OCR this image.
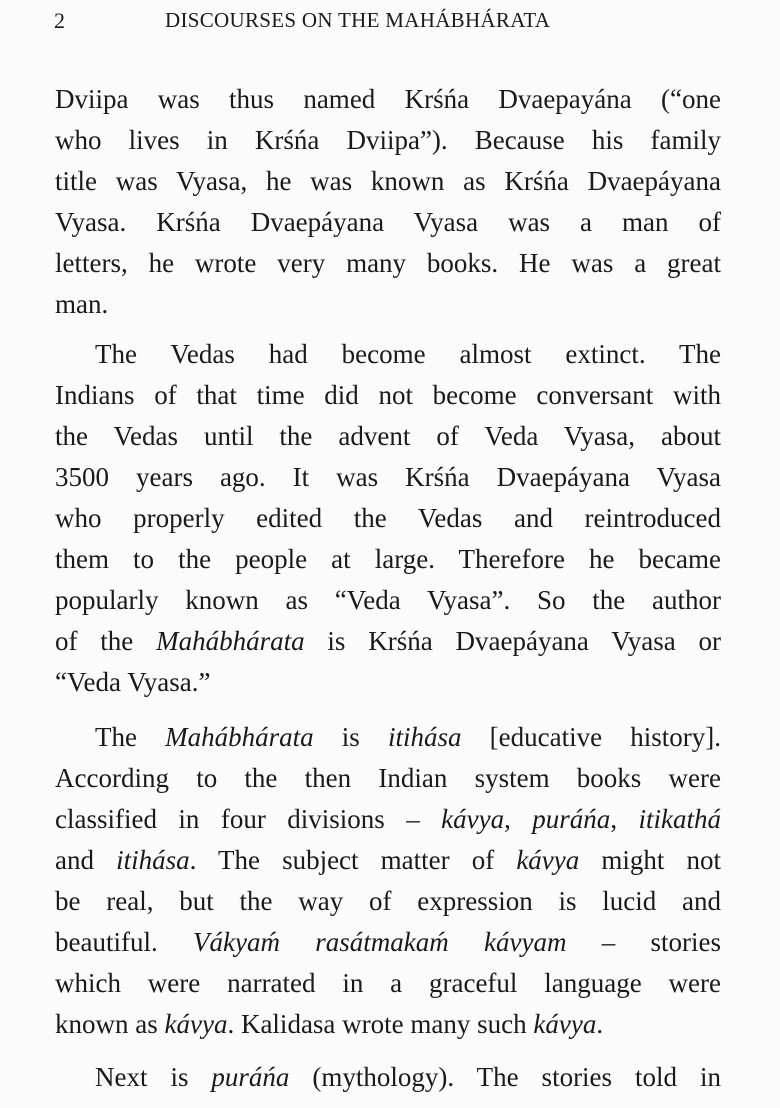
2	DISCOURSES ON THE MAHÁBHÁRATA
Dviipa was thus named Krśńa Dvaepayána (“one
who lives in Krśńa Dviipa”). Because his family
title was Vyasa, he was known as Krśńa Dvaepáyana
Vyasa. Krśńa Dvaepáyana Vyasa was a man of
letters, he wrote very many books. He was a great
man.
The Vedas had become almost extinct. The
Indians of that time did not become conversant with
the Vedas until the advent of Veda Vyasa, about
3500 years ago. It was Krśńa Dvaepáyana Vyasa
who properly edited the Vedas and reintroduced
them to the people at large. Therefore he became
popularly known as “Veda Vyasa”. So the author
of the Mahábhárata is Krśńa Dvaepáyana Vyasa or
“Veda Vyasa.”
The Mahábhárata is itihása [educative history].
According to the then Indian system books were
classified in four divisions – kávya, puráńa, itikathá
and itihása. The subject matter of kávya might not
be real, but the way of expression is lucid and
beautiful. Vákyaḿ rasátmakaḿ kávyam – stories
which were narrated in a graceful language were
known as kávya. Kalidasa wrote many such kávya.
Next is puráńa (mythology). The stories told in
